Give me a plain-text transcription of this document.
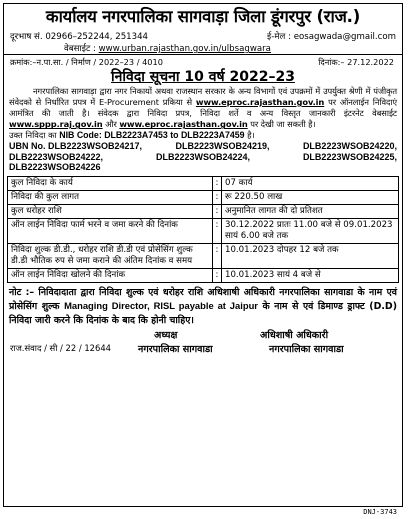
कार्यालय नगरपालिका सागवाड़ा जिला डूंगरपुर (राज.)
दूरभाष सं. 02966–252244, 251344	ई-मेल : eosagwada@gmail.com
वेबसाईट : www.urban.rajasthan.gov.in/ulbsagwara
क्रमांक:–न.पा.सा. / निर्माण / 2022–23 / 4010	दिनांक:– 27.12.2022
निविदा सूचना 10 वर्ष 2022–23
नगरपालिका सागवाड़ा द्वारा नगर निकायों अथवा राजस्थान सरकार के अन्य विभागों एवं उपक्रमों में उपर्युक्त श्रेणी में पंजीकृत संवेदको से निर्धारित प्रपत्र में E-Procurement प्रकिया से www.eproc.rajasthan.gov.in पर ऑनलाईन निविदाएं आमंत्रित की जाती है। संवेदक द्वारा निविदा प्रपत्र, निविदा शर्ते व अन्य विस्तृत जानकारी इंटरनेट वेबसाईट www.sppp.raj.gov.in और www.eproc.rajasthan.gov.in पर देखी जा सकती है।
उक्त निविदा का NIB Code: DLB2223A7453 to DLB2223A7459 है।
UBN No. DLB2223WSOB24217,	DLB2223WSOB24219,	DLB2223WSOB24220,
DLB2223WSOB24222,	DLB2223WSOB24224,	DLB2223WSOB24225,
DLB2223WSOB24226
कुल निविदा के कार्य	:	07 कार्य
निविदा की कुल लागत	:	रू 220.50 लाख
कुल धरोहर राशि	:	अनुमानित लागत की दो प्रतिशत
ऑन लाईन निविदा फार्म भरने व जमा करने की दिनांक	:	30.12.2022 प्रातः 11.00 बजे से 09.01.2023 सायं 6.00 बजे तक
निविदा शुल्क डी.डी., धरोहर राशि डी.डी एवं प्रोसेसिंग शुल्क डी.डी भौतिक रुप से जमा कराने की अंतिम दिनांक व समय	:	10.01.2023 दोपहर 12 बजे तक
ऑन लाईन निविदा खोलने की दिनांक	:	10.01.2023 सायं 4 बजे से
नोट :– निविदादाता द्वारा निविदा शुल्क एवं धरोहर राशि अधिशाषी अधिकारी नगरपालिका सागवाडा के नाम एवं प्रोसेसिंग शुल्क Managing Director, RISL payable at Jaipur के नाम से एवं डिमाण्ड ड्राफ्ट (D.D) निविदा जारी करने कि दिनांक के बाद कि होनी चाहिए।
अध्यक्ष	अधिशाषी अधिकारी
राज.संवाद / सी / 22 / 12644	नगरपालिका सागवाडा	नगरपालिका सागवाडा
DNJ-3743
